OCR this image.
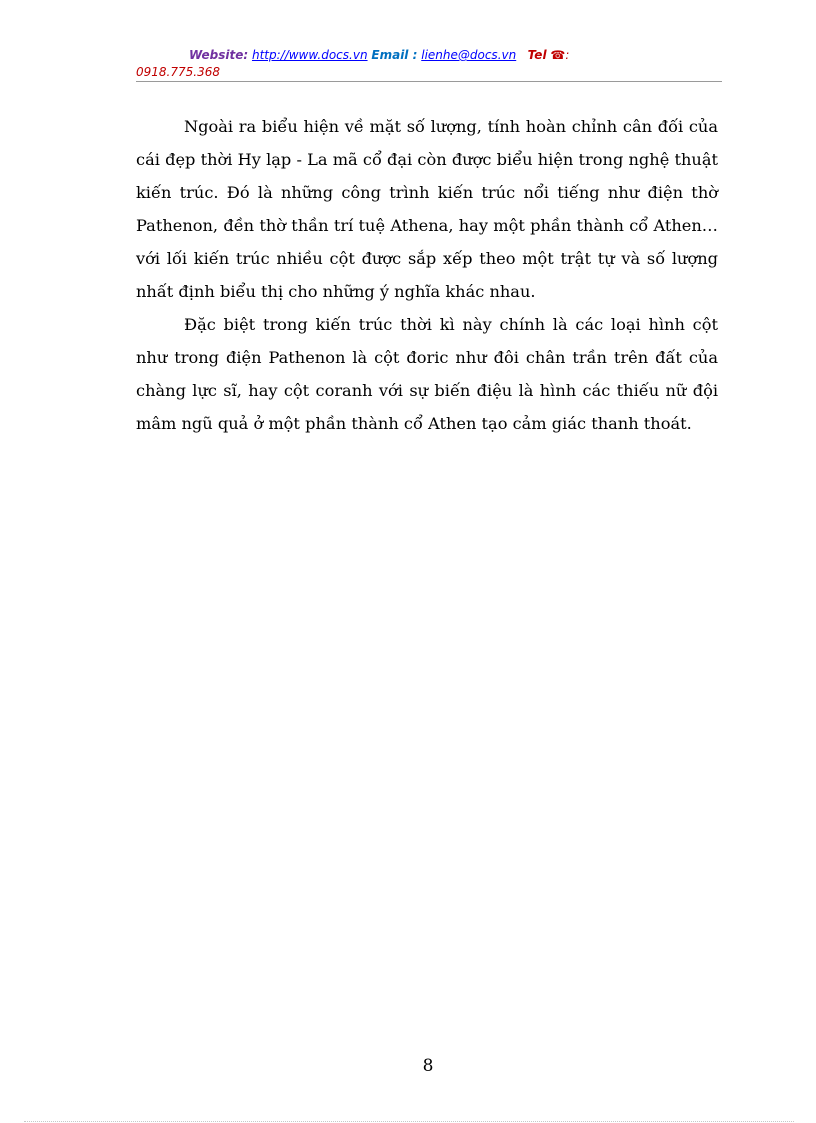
Website: http://www.docs.vn Email : lienhe@docs.vn Tel ☎:
0918.775.368

Ngoài ra biểu hiện về mặt số lượng, tính hoàn chỉnh cân đối của cái đẹp thời Hy lạp - La mã cổ đại còn được biểu hiện trong nghệ thuật kiến trúc. Đó là những công trình kiến trúc nổi tiếng như điện thờ Pathenon, đền thờ thần trí tuệ Athena, hay một phần thành cổ Athen… với lối kiến trúc nhiều cột được sắp xếp theo một trật tự và số lượng nhất định biểu thị cho những ý nghĩa khác nhau.

Đặc biệt trong kiến trúc thời kì này chính là các loại hình cột như trong điện Pathenon là cột đoric như đôi chân trần trên đất của chàng lực sĩ, hay cột coranh với sự biến điệu là hình các thiếu nữ đội mâm ngũ quả ở một phần thành cổ Athen tạo cảm giác thanh thoát.

8
